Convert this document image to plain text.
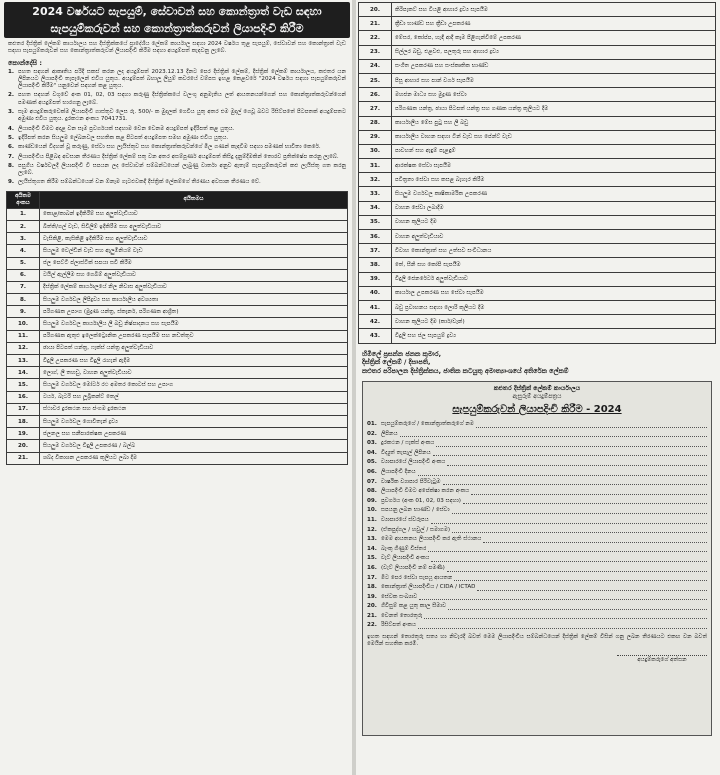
2024 වර්ෂයට සැපයුම්, සේවාවන් සහ කොන්ත්‍රාත් වැඩ සඳහා
සැපයුම්කරුවන් සහ කොන්ත්‍රාත්කරුවන් ලියාපදිංචි කිරීම
කළුතර දිස්ත්‍රික් ලේකම් කාර්යාලය සහ දිස්ත්‍රික්කයේ ප්‍රාදේශීය ලේකම් කාර්යාල සඳහා 2024 වර්ෂය තුළ සැපයුම්, සේවාවන් සහ කොන්ත්‍රාත් වැඩ සඳහා සැපයුම්කරුවන් සහ කොන්ත්‍රාත්කරුවන් ලියාපදිංචි කිරීම සඳහා අයදුම්පත් කැඳවනු ලැබේ.
කොන්දේසි :
1. පහත සඳහන් ආකෘතිය පරිදි සකස් කරන ලද අයදුම්පත් 2023.12.13 දිනට පෙර දිස්ත්‍රික් ලේකම්, දිස්ත්‍රික් ලේකම් කාර්යාලය, කළුතර යන ලිපිනයට ලියාපදිංචි තැපෑලෙන් එවිය යුතුය. අයදුම්පත් බහාලූ ලියුම් කවරයේ වම්පස ඉහළ කෙළවරේ "2024 වර්ෂය සඳහා සැපයුම්කරුවන් ලියාපදිංචි කිරීම" යනුවෙන් සඳහන් කළ යුතුය.
2. පහත සඳහන් වගුවේ අංක 01, 02, 03 සඳහා කරුණු දිස්ත්‍රික්කයේ වලංගු අනුමැතිය ලත් ආයතනයන්ගෙන් සහ කොන්ත්‍රාත්කරුවන්ගෙන් පමණක් අයදුම්පත් භාරගනු ලැබේ.
3. සෑම අයදුම්කරුවෙක්ම ලියාපදිංචි ගාස්තුව ලෙස රු. 500/- ක මුදලක් ගෙවිය යුතු අතර එම මුදල් ගෙවූ බවට රිසිට්පතේ පිටපතක් අයදුම්පතට අමුණා එවිය යුතුය. දුරකථන අංකය 7041731.
4. ලියාපදිංචි වීමට අදාළ වන සෑම ප්‍රවර්ගයක් සඳහාම වෙන වෙනම අයදුම්පත් ඉදිරිපත් කළ යුතුය.
5. ඉදිරිපත් කරන සියලුම ලේඛනවල සහතික කළ පිටපත් අයදුම්පත සමඟ අමුණා එවිය යුතුය.
6. කාණ්ඩයෙන් විදහන් වූ කරුණු, සේවා සහ ලැයිස්තුව සහ කොන්ත්‍රාත්කරුවන්ගේ මිල ගණන් කැඳවීම සඳහා පමණක් භාවිතා කෙරේ.
7. ලියාපදිංචිය පිළිබඳ අවසාන තීරණය දිස්ත්‍රික් ලේකම් සතු වන අතර අසම්පූර්ණ අයදුම්පත් කිසිදු දැනුම්දීමකින් තොරව ප්‍රතික්ෂේප කරනු ලැබේ.
8. පසුගිය වර්ෂවලදී ලියාපදිංචි වී සපයන ලද සේවාවන් සම්බන්ධයෙන් ලැබුණු වාර්තා අනුව ඇතැම් සැපයුම්කරුවන් කළු ලැයිස්තු ගත කරනු ලැබේ.
9. ලැයිස්තුගත කිරීම සම්බන්ධයෙන් වන ඕනෑම ගැටළුවකදී දිස්ත්‍රික් ලේකම්ගේ තීරණය අවසාන තීරණය වේ.
අයිතම අංකය	අයිතමය
1.	කොළ/කාබන් ඉදිකිරීම් සහ අලුත්වැඩියාව
2.	බිත්ති/ගල් වැඩ, සිවිලිම් ඉදිකිරීම සහ අලුත්වැඩියාව
3.	වැසිකිළි, කැසිකිළි ඉදිකිරීම සහ අලුත්වැඩියාව
4.	සියලුම වෙල්ඩින් වැඩ සහ ඇලුමිනියම් වැඩ
5.	ජල පෙට්ටි ප්ලාස්ටික් සපයා සවි කිරීම
6.	ටයිල් ඇල්ලීම සහ ගෙබිම් අලුත්වැඩියාව
7.	දිස්ත්‍රික් ලේකම් කාර්යාලයේ නිල නිවාස අලුත්වැඩියාව
8.	සියලුම වර්ගවල ලිපිද්‍රව්‍ය සහ කාර්යාලීය අවශ්‍යතා
9.	පරිගණක උපාංග (මුද්‍රණ යන්ත්‍ර, ස්කෑනර්, පරිගණක ආශ්‍රිත)
10.	සියලුම වර්ගවල කාර්යාලීය ලී බඩු නිෂ්පාදනය සහ සැපයීම
11.	පරිගණක ඇතුළු ඉලෙක්ට්‍රොනික උපකරණ සැපයීම සහ නඩත්තුව
12.	ඡායා පිටපත් යන්ත්‍ර, ෆැක්ස් යන්ත්‍ර අලුත්වැඩියාව
13.	විදුලි උපකරණ සහ විදුලි රැහැන් ඇදීම
14.	ලොග්, ලී තහඩු, වාහන අලුත්වැඩියාව
15.	සියලුම වර්ගවල මෝටර් රථ අමතර කොටස් සහ උපාංග
16.	ටයර්, බැටරි සහ ලූබ්‍රිකන්ට් තෙල්
17.	ස්ථාවර දුරකථන සහ ජංගම දුරකථන
18.	සියලුම වර්ගවල ගොවිතැන් ද්‍රව්‍ය
19.	ජලනල සහ සනීපාරක්ෂක උපකරණ
20.	සියලුම වර්ගවල විදුලි උපකරණ / බල්බ
21.	ශබ්ද විකාශන උපකරණ කුලියට ලබා දීම
20.	කිරිපැකට් සහ වියළි ආහාර ද්‍රව්‍ය සැපයීම
21.	ක්‍රීඩා භාණ්ඩ සහ ක්‍රීඩා උපකරණ
22.	මේසර, කෝප්ප, හැඳි ආදී කෑම පිළිගැන්වීමේ උපකරණ
23.	සිල්ලර බඩු, එළවළු, පලතුරු සහ ආහාර ද්‍රව්‍ය
24.	සංගීත උපකරණ සහ සංස්කෘතික භාණ්ඩ
25.	පිසූ ආහාර සහ පාන් වර්ග සැපයීම
26.	මහජන මාධ්‍ය සහ මුද්‍රණ සේවා
27.	පරිගණක යන්ත්‍ර, ඡායා පිටපත් යන්ත්‍ර සහ ගණක යන්ත්‍ර කුලියට දීම
28.	කාර්යාලීය මේස පුටු සහ ලී බඩු
29.	කාර්යාලීය වාහන සඳහා ටින් වැඩ සහ පේන්ට් වැඩ
30.	පාවහන් සහ ඇඳුම් පැළඳුම්
31.	ආරක්ෂක සේවා සැපයීම
32.	පවිත්‍රතා සේවා සහ කසළ බැහැර කිරීම
33.	සියලුම වර්ගවල කෘෂිකාර්මික උපකරණ
34.	වාහන සේවා ලබාදීම
35.	වාහන කුලියට දීම
36.	වාහන අලුත්වැඩියාව
37.	විවාහ කොන්ත්‍රාත් සහ උත්සව සංවිධානය
38.	තේ, සීනි සහ කෝපි සැපයීම
39.	විදුලි ජෙනරේටර් අලුත්වැඩියාව
40.	කාර්යාල උපකරණ සහ සේවා සැපයීම
41.	බඩු ප්‍රවාහනය සඳහා ලොරි කුලියට දීම
42.	වාහන කුලියට දීම (කාර්/වෑන්)
43.	විදුලි සහ ජල සැපයුම් ද්‍රව්‍ය
හිමිලේ ප්‍රසන්න ජනක කුමාර,
දිස්ත්‍රික් ලේකම් / දිසාපති,
කළුතර පරිපාලන දිස්ත්‍රික්කය, ජාතික කටයුතු අමාත්‍යාංශයේ අතිරේක ලේකම්
කළුතර දිස්ත්‍රික් ලේකම් කාර්යාලය
ඇසුරුම් අයදුම්පත්‍රය
සැපයුම්කරුවන් ලියාපදිංචි කිරීම - 2024
01. සැපයුම්කරුගේ / කොන්ත්‍රාත්කරුගේ නම
02. ලිපිනය
03. දුරකථන / ෆැක්ස් අංකය
04. විද්‍යුත් තැපැල් ලිපිනය
05. ව්‍යාපාරයේ ලියාපදිංචි අංකය
06. ලියාපදිංචි දිනය
07. වාර්ෂික ව්‍යාපාර පිරිවැටුම
08. ලියාපදිංචි වීමට අපේක්ෂා කරන අංකය
09. ප්‍රවර්ගය (අංක 01, 02, 03 සඳහා)
10. සපයනු ලබන භාණ්ඩ / සේවා
11. ව්‍යාපාරයේ ස්වරූපය
12. (ඒකපුද්ගල / හවුල් / සමාගම)
13. මෙම ආයතනය ලියාපදිංචි කර ඇති ස්ථානය
14. බැංකු ගිණුම් විස්තර
15. වැට් ලියාපදිංචි අංකය
16. (වැට් ලියාපදිංචි නම් පමණි)
17. මීට පෙර සේවා සැපයූ ආයතන
18. කොන්ත්‍රාත් ලියාපදිංචිය / CIDA / ICTAD
19. සේවක සංඛ්‍යාව
20. ගිවිසුම් කළ යුතු කාල සීමාව
21. වෙනත් තොරතුරු
22. රිසිට්පත් අංකය
ඉහත සඳහන් තොරතුරු සත්‍ය හා නිවැරදි බවත් මෙම ලියාපදිංචිය සම්බන්ධයෙන් දිස්ත්‍රික් ලේකම් විසින් ගනු ලබන තීරණයට එකඟ වන බවත් මෙයින් සහතික කරමි.
අයදුම්කරුගේ අත්සන
